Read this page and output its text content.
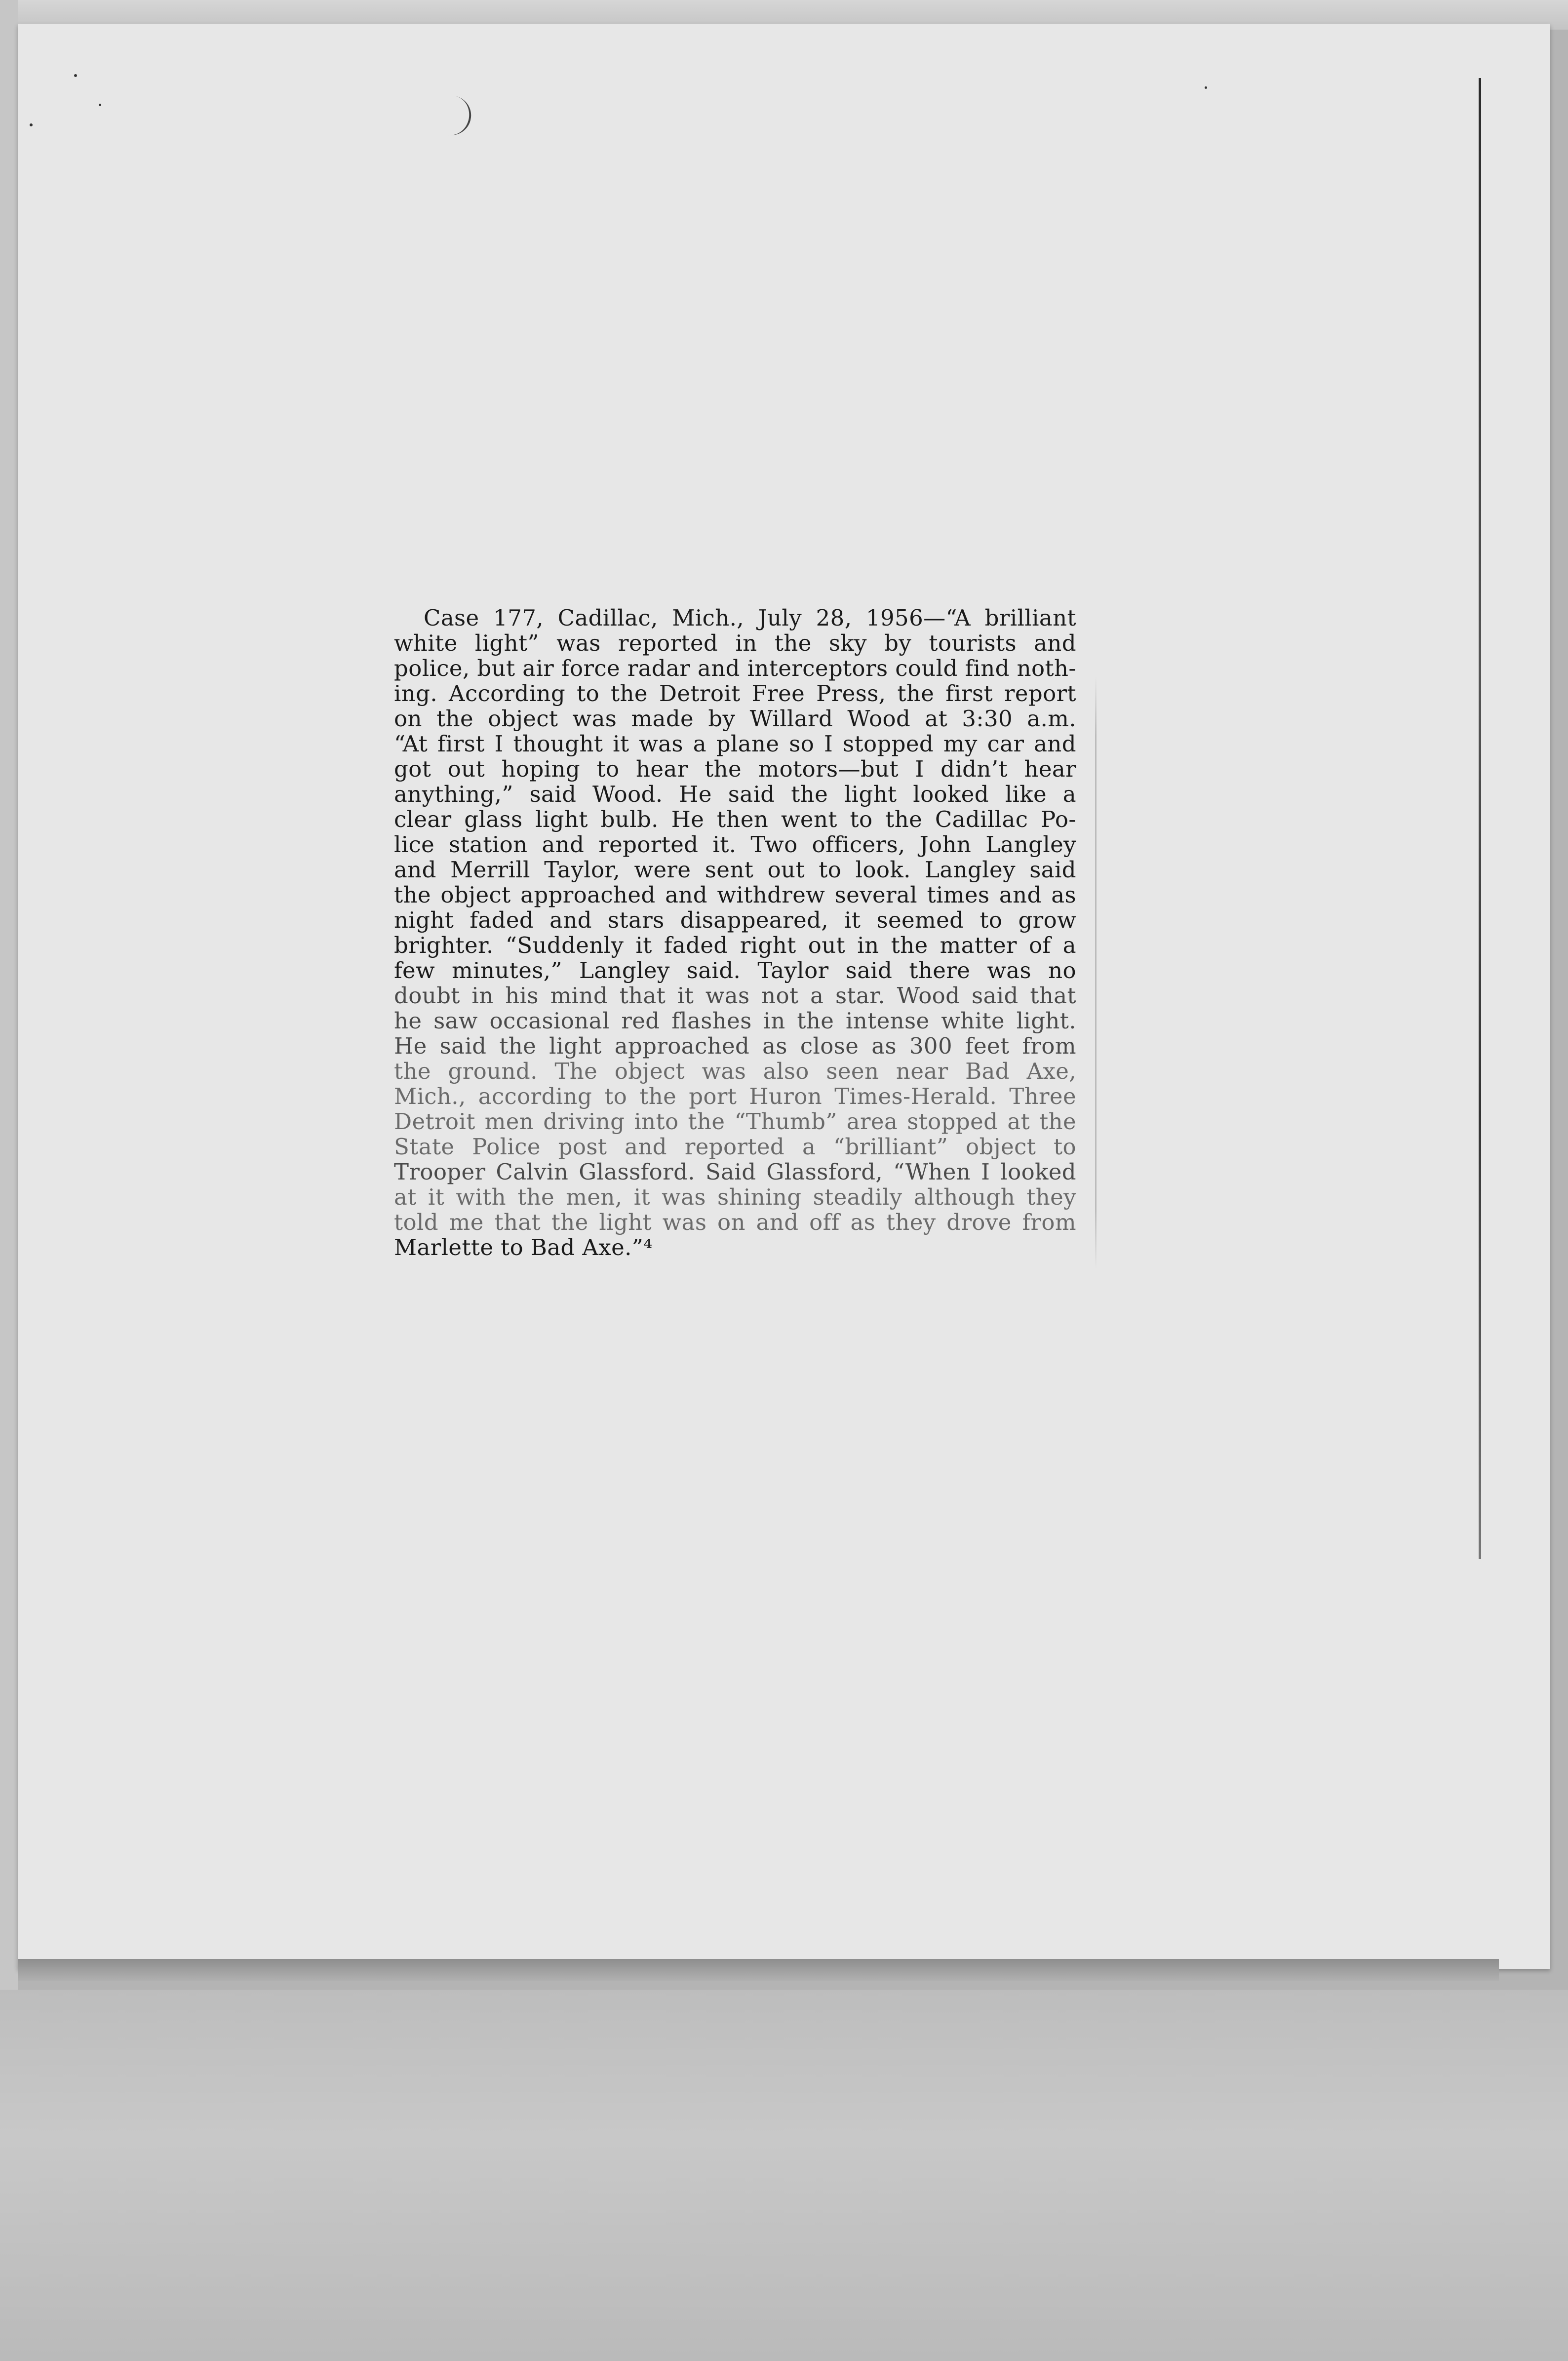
Case 177, Cadillac, Mich., July 28, 1956—“A brilliant
white light” was reported in the sky by tourists and
police, but air force radar and interceptors could find noth-
ing. According to the Detroit Free Press, the first report
on the object was made by Willard Wood at 3:30 a.m.
“At first I thought it was a plane so I stopped my car and
got out hoping to hear the motors—but I didn’t hear
anything,” said Wood. He said the light looked like a
clear glass light bulb. He then went to the Cadillac Po-
lice station and reported it. Two officers, John Langley
and Merrill Taylor, were sent out to look. Langley said
the object approached and withdrew several times and as
night faded and stars disappeared, it seemed to grow
brighter. “Suddenly it faded right out in the matter of a
few minutes,” Langley said. Taylor said there was no
doubt in his mind that it was not a star. Wood said that
he saw occasional red flashes in the intense white light.
He said the light approached as close as 300 feet from
the ground. The object was also seen near Bad Axe,
Mich., according to the port Huron Times-Herald. Three
Detroit men driving into the “Thumb” area stopped at the
State Police post and reported a “brilliant” object to
Trooper Calvin Glassford. Said Glassford, “When I looked
at it with the men, it was shining steadily although they
told me that the light was on and off as they drove from
Marlette to Bad Axe.”⁴
